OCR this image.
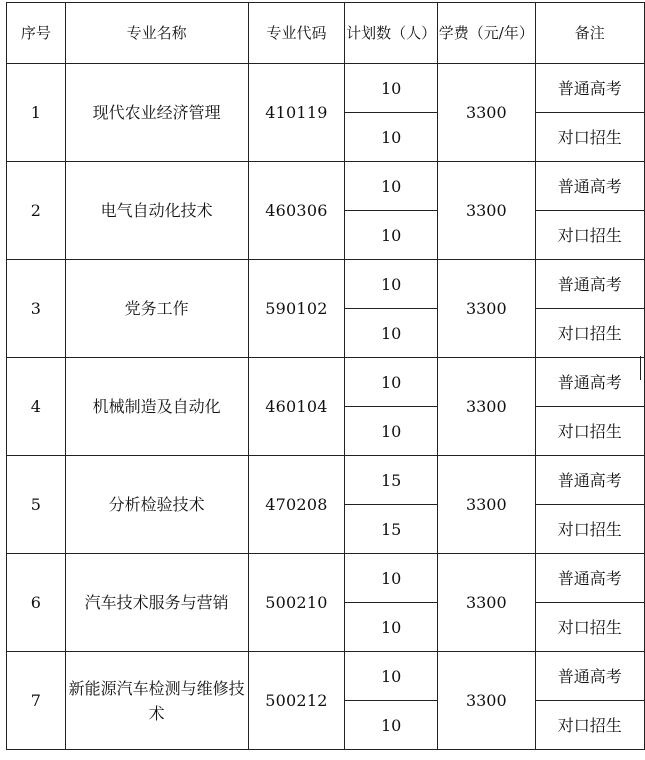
序号	专业名称	专业代码	计划数（人）	学费（元/年）	备注
1	现代农业经济管理	410119	10	3300	普通高考
			10		对口招生
2	电气自动化技术	460306	10	3300	普通高考
			10		对口招生
3	党务工作	590102	10	3300	普通高考
			10		对口招生
4	机械制造及自动化	460104	10	3300	普通高考
			10		对口招生
5	分析检验技术	470208	15	3300	普通高考
			15		对口招生
6	汽车技术服务与营销	500210	10	3300	普通高考
			10		对口招生
7	新能源汽车检测与维修技术	500212	10	3300	普通高考
			10		对口招生
